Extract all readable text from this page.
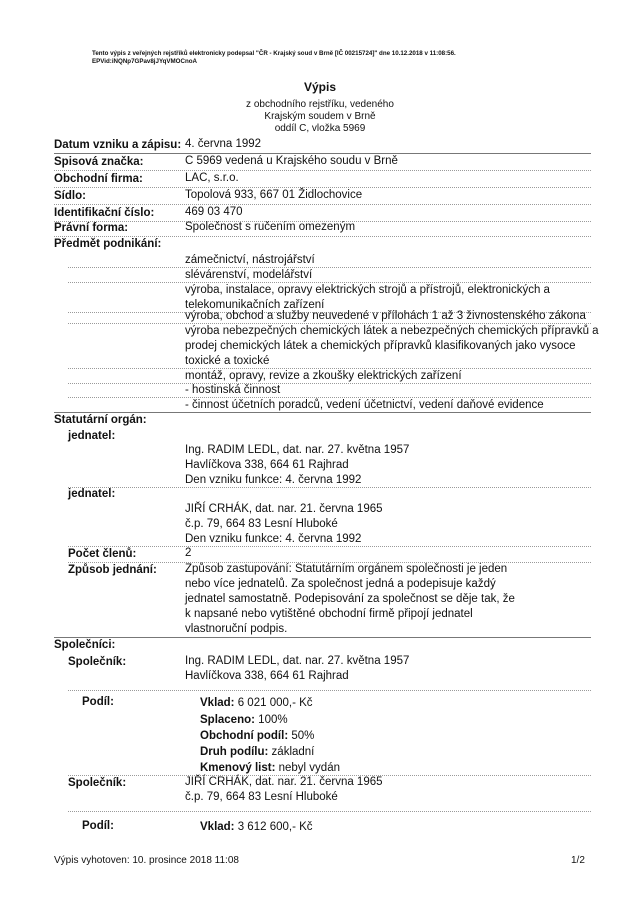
Tento výpis z veřejných rejstříků elektronicky podepsal "ČR - Krajský soud v Brně [IČ 00215724]" dne 10.12.2018 v 11:08:56.
EPVid:iNQNp7GPav8jJYqVMOCnoA
Výpis
z obchodního rejstříku, vedeného
Krajským soudem v Brně
oddíl C, vložka 5969
Datum vzniku a zápisu: 4. června 1992
Spisová značka:	C 5969 vedená u Krajského soudu v Brně
Obchodní firma:	LAC, s.r.o.
Sídlo:	Topolová 933, 667 01 Židlochovice
Identifikační číslo:	469 03 470
Právní forma:	Společnost s ručením omezeným
Předmět podnikání:
zámečnictví, nástrojářství
slévárenství, modelářství
výroba, instalace, opravy elektrických strojů a přístrojů, elektronických a
telekomunikačních zařízení
výroba, obchod a služby neuvedené v přílohách 1 až 3 živnostenského zákona
výroba nebezpečných chemických látek a nebezpečných chemických přípravků a
prodej chemických látek a chemických přípravků klasifikovaných jako vysoce
toxické a toxické
montáž, opravy, revize a zkoušky elektrických zařízení
- hostinská činnost
- činnost účetních poradců, vedení účetnictví, vedení daňové evidence
Statutární orgán:
jednatel:
Ing. RADIM LEDL, dat. nar. 27. května 1957
Havlíčkova 338, 664 61 Rajhrad
Den vzniku funkce: 4. června 1992
jednatel:
JIŘÍ CRHÁK, dat. nar. 21. června 1965
č.p. 79, 664 83 Lesní Hluboké
Den vzniku funkce: 4. června 1992
Počet členů:	2
Způsob jednání: Způsob zastupování: Statutárním orgánem společnosti je jeden
nebo více jednatelů. Za společnost jedná a podepisuje každý
jednatel samostatně. Podepisování za společnost se děje tak, že
k napsané nebo vytištěné obchodní firmě připojí jednatel
vlastnoruční podpis.
Společníci:
Společník:	Ing. RADIM LEDL, dat. nar. 27. května 1957
Havlíčkova 338, 664 61 Rajhrad
Podíl:	Vklad: 6 021 000,- Kč
Splaceno: 100%
Obchodní podíl: 50%
Druh podílu: základní
Kmenový list: nebyl vydán
Společník:	JIŘÍ CRHÁK, dat. nar. 21. června 1965
č.p. 79, 664 83 Lesní Hluboké
Podíl:	Vklad: 3 612 600,- Kč
Výpis vyhotoven: 10. prosince 2018 11:08	1/2
